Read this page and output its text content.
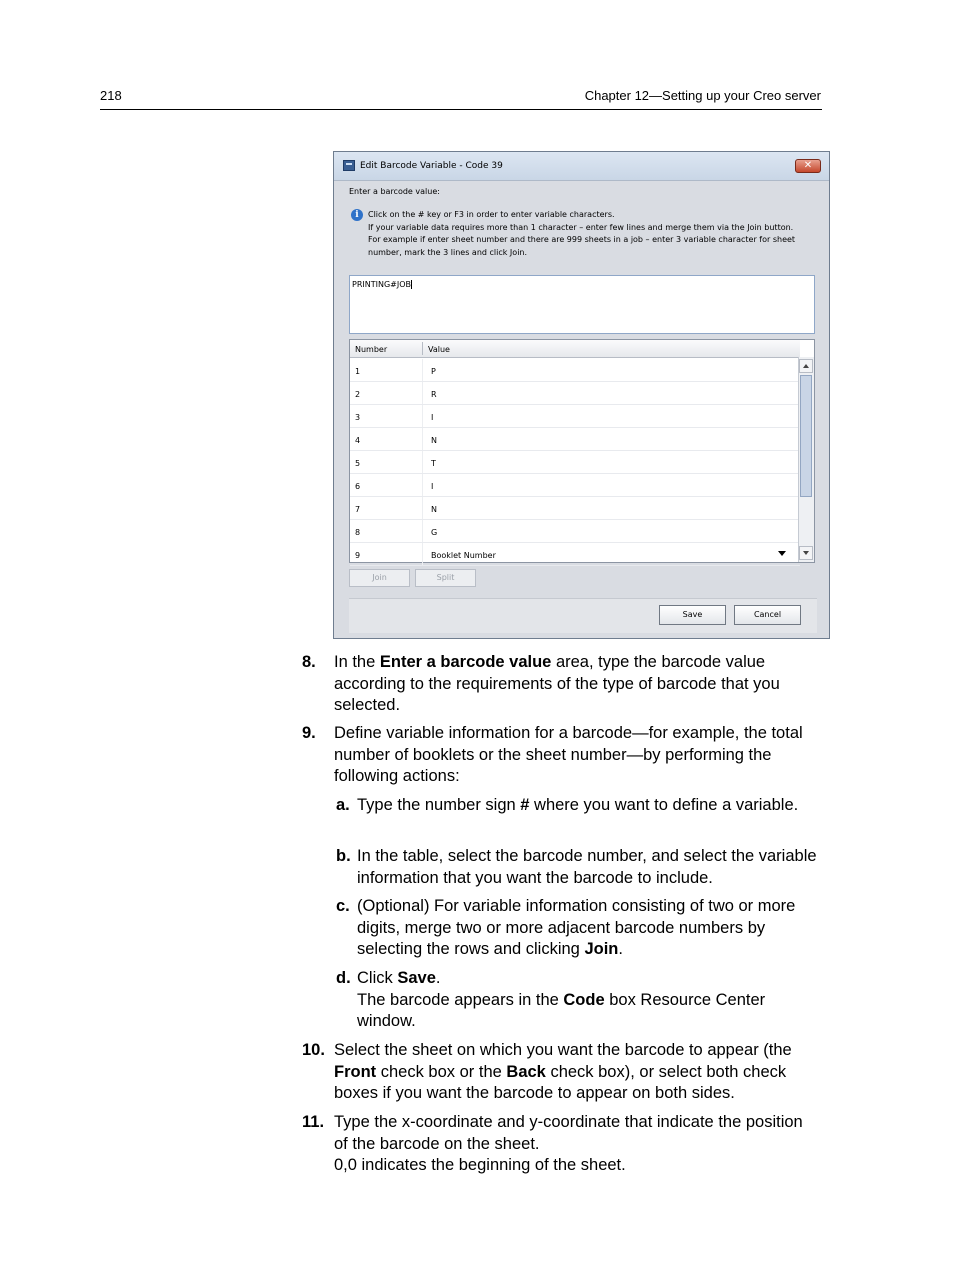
218	Chapter 12—Setting up your Creo server
Edit Barcode Variable - Code 39	✕
Enter a barcode value:
i	Click on the # key or F3 in order to enter variable characters.
If your variable data requires more than 1 character – enter few lines and merge them via the Join button.
For example if enter sheet number and there are 999 sheets in a job – enter 3 variable character for sheet
number, mark the 3 lines and click Join.
PRINTING#JOB
Number	Value
1	P
2	R
3	I
4	N
5	T
6	I
7	N
8	G
9	Booklet Number
Join	Split
Save	Cancel
8. In the Enter a barcode value area, type the barcode value according to the requirements of the type of barcode that you selected.
9. Define variable information for a barcode—for example, the total number of booklets or the sheet number—by performing the following actions:
a. Type the number sign # where you want to define a variable.
b. In the table, select the barcode number, and select the variable information that you want the barcode to include.
c. (Optional) For variable information consisting of two or more digits, merge two or more adjacent barcode numbers by selecting the rows and clicking Join.
d. Click Save.
The barcode appears in the Code box Resource Center window.
10. Select the sheet on which you want the barcode to appear (the Front check box or the Back check box), or select both check boxes if you want the barcode to appear on both sides.
11. Type the x-coordinate and y-coordinate that indicate the position of the barcode on the sheet.
0,0 indicates the beginning of the sheet.
